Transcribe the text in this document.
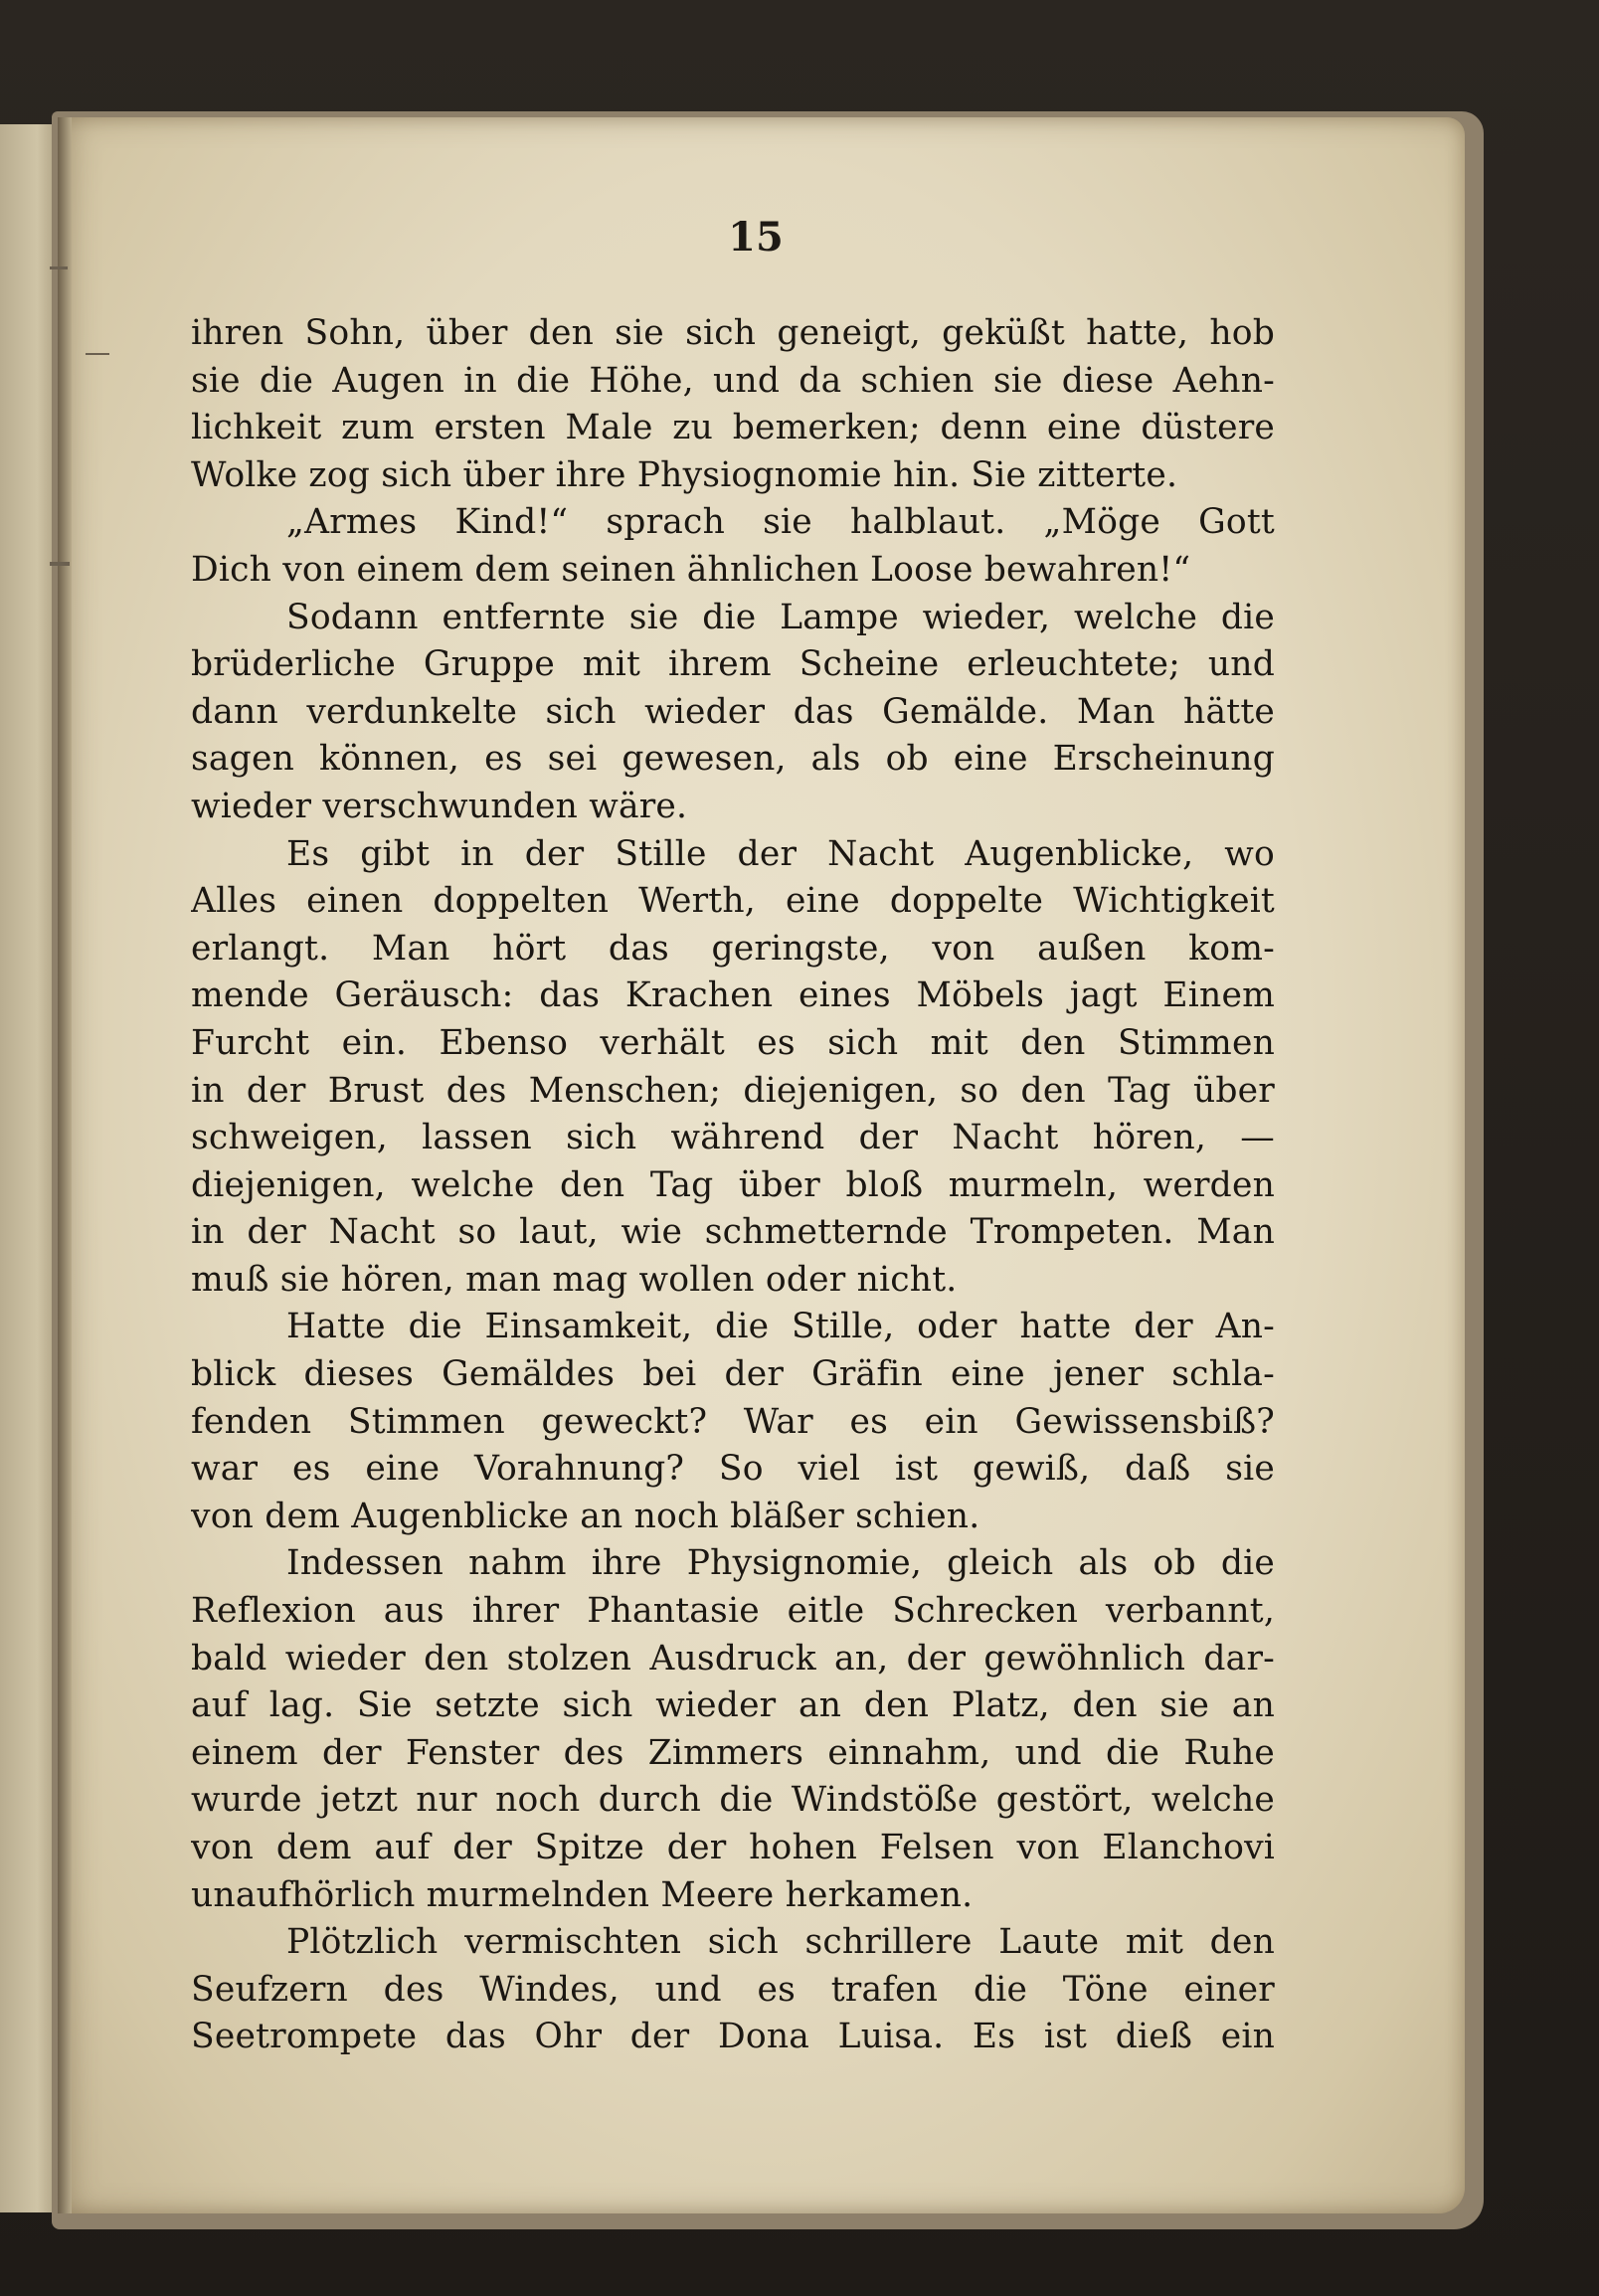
15
ihren Sohn, über den sie sich geneigt, geküßt hatte, hob
sie die Augen in die Höhe, und da schien sie diese Aehn-
lichkeit zum ersten Male zu bemerken; denn eine düstere
Wolke zog sich über ihre Physiognomie hin. Sie zitterte.
„Armes Kind!“ sprach sie halblaut. „Möge Gott
Dich von einem dem seinen ähnlichen Loose bewahren!“
Sodann entfernte sie die Lampe wieder, welche die
brüderliche Gruppe mit ihrem Scheine erleuchtete; und
dann verdunkelte sich wieder das Gemälde. Man hätte
sagen können, es sei gewesen, als ob eine Erscheinung
wieder verschwunden wäre.
Es gibt in der Stille der Nacht Augenblicke, wo
Alles einen doppelten Werth, eine doppelte Wichtigkeit
erlangt. Man hört das geringste, von außen kom-
mende Geräusch: das Krachen eines Möbels jagt Einem
Furcht ein. Ebenso verhält es sich mit den Stimmen
in der Brust des Menschen; diejenigen, so den Tag über
schweigen, lassen sich während der Nacht hören, —
diejenigen, welche den Tag über bloß murmeln, werden
in der Nacht so laut, wie schmetternde Trompeten. Man
muß sie hören, man mag wollen oder nicht.
Hatte die Einsamkeit, die Stille, oder hatte der An-
blick dieses Gemäldes bei der Gräfin eine jener schla-
fenden Stimmen geweckt? War es ein Gewissensbiß?
war es eine Vorahnung? So viel ist gewiß, daß sie
von dem Augenblicke an noch bläßer schien.
Indessen nahm ihre Physignomie, gleich als ob die
Reflexion aus ihrer Phantasie eitle Schrecken verbannt,
bald wieder den stolzen Ausdruck an, der gewöhnlich dar-
auf lag. Sie setzte sich wieder an den Platz, den sie an
einem der Fenster des Zimmers einnahm, und die Ruhe
wurde jetzt nur noch durch die Windstöße gestört, welche
von dem auf der Spitze der hohen Felsen von Elanchovi
unaufhörlich murmelnden Meere herkamen.
Plötzlich vermischten sich schrillere Laute mit den
Seufzern des Windes, und es trafen die Töne einer
Seetrompete das Ohr der Dona Luisa. Es ist dieß ein
